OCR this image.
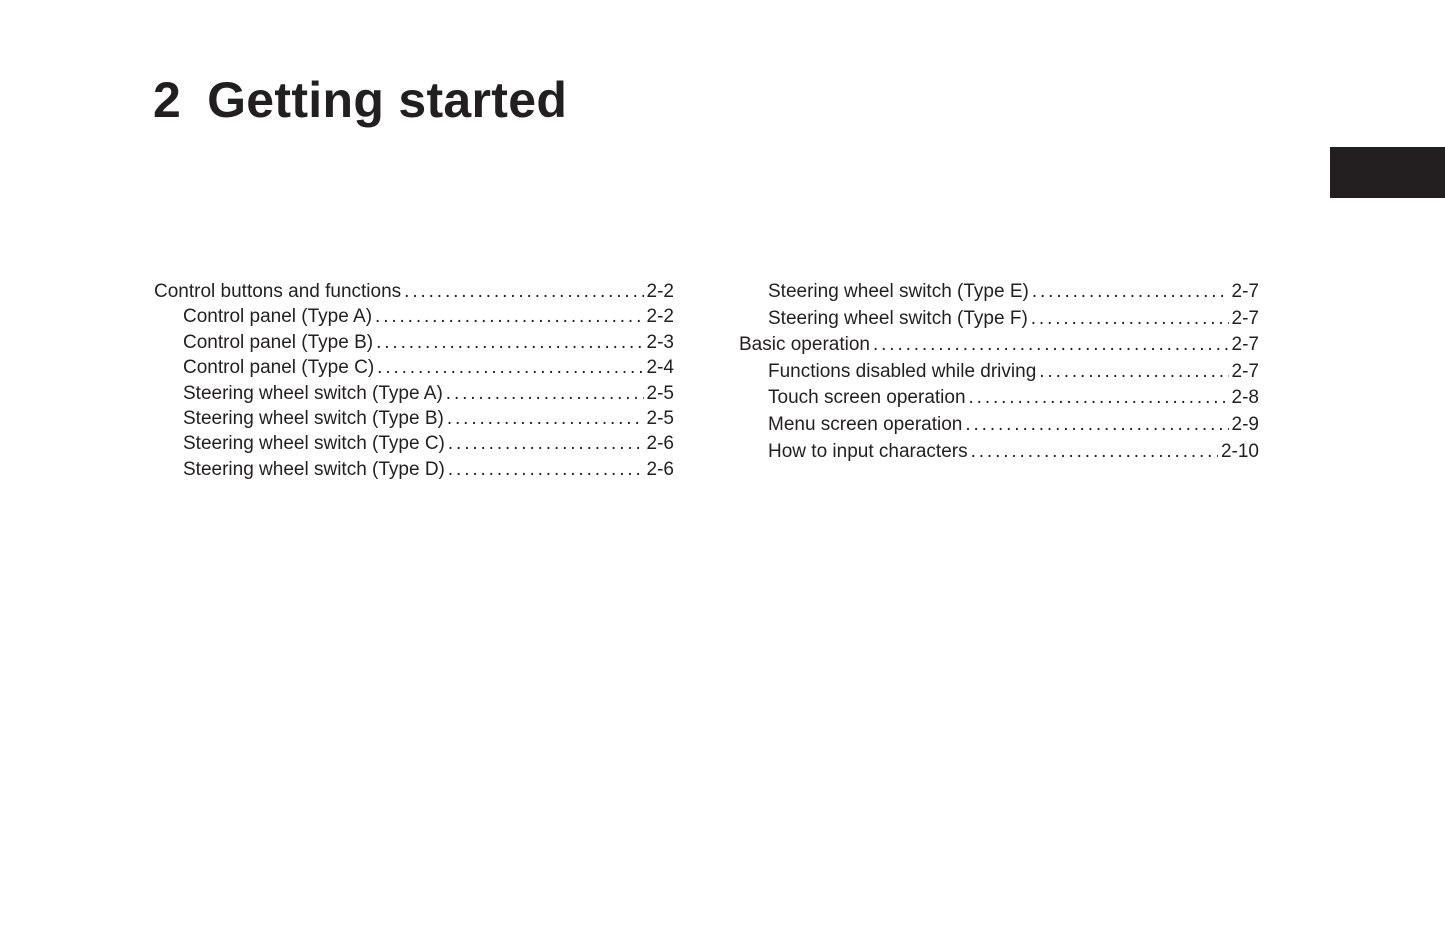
2 Getting started
Control buttons and functions . . .	2-2
Control panel (Type A) . . .	2-2
Control panel (Type B) . . .	2-3
Control panel (Type C) . . .	2-4
Steering wheel switch (Type A) . . .	2-5
Steering wheel switch (Type B) . . .	2-5
Steering wheel switch (Type C) . . .	2-6
Steering wheel switch (Type D) . . .	2-6
Steering wheel switch (Type E) . . .	2-7
Steering wheel switch (Type F) . . .	2-7
Basic operation . . .	2-7
Functions disabled while driving . . .	2-7
Touch screen operation . . .	2-8
Menu screen operation . . .	2-9
How to input characters . . .	2-10
